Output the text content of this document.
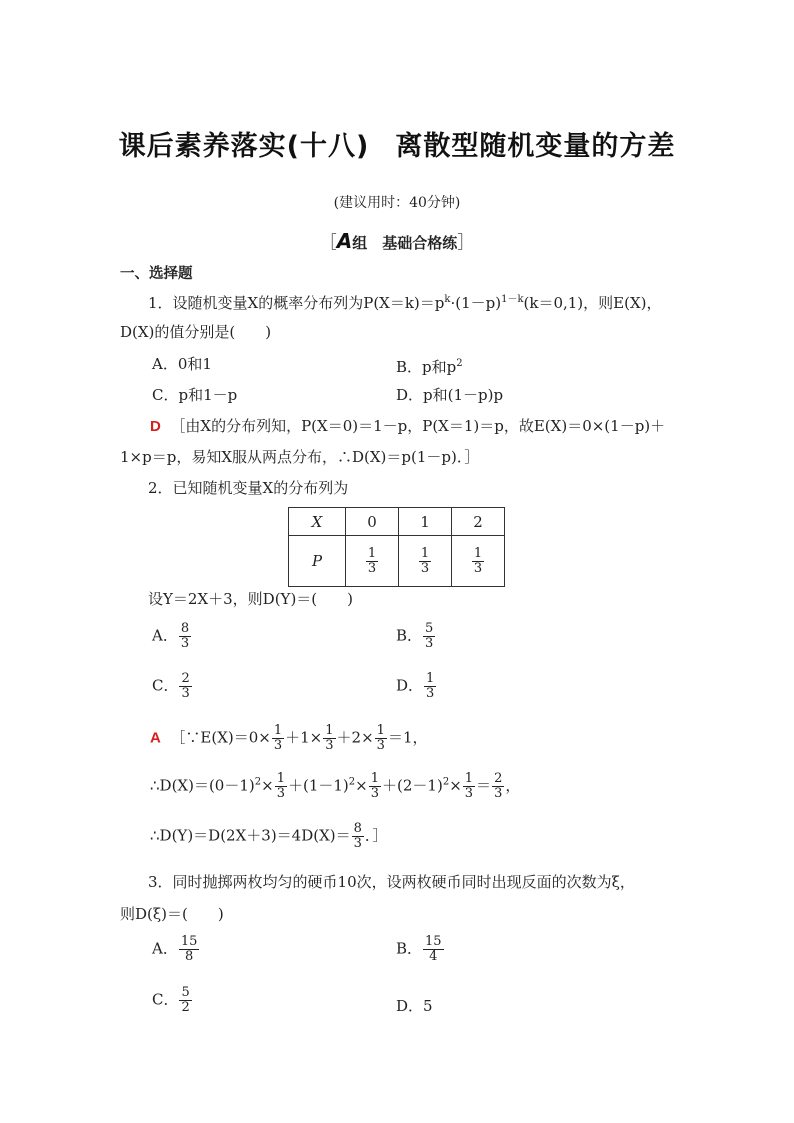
课后素养落实(十八) 离散型随机变量的方差
(建议用时：40分钟)
［A组　基础合格练］
一、选择题
1．设随机变量X的概率分布列为$P(X=k)=p^k\cdot(1-p)^{1-k}(k=0,1)$，则E(X)，
D(X)的值分别是(　　)
A．0和1	B．p和$p^2$
C．p和1－p	D．p和(1－p)p
D ［由X的分布列知，P(X＝0)＝1－p，P(X＝1)＝p，故E(X)＝0×(1－p)＋
1×p＝p，易知X服从两点分布，∴D(X)＝p(1－p)．］
2．已知随机变量X的分布列为
X	0	1	2
P	$\frac{1}{3}$	$\frac{1}{3}$	$\frac{1}{3}$
设Y＝2X＋3，则D(Y)＝(　　)
A． $\frac{8}{3}$	B． $\frac{5}{3}$
C． $\frac{2}{3}$	D． $\frac{1}{3}$
A ［∵E(X)＝0× $\frac{1}{3} +1\times \frac{1}{3} +2\times \frac{1}{3} =1$，
$\therefore D(X)=(0-1)^2\times \frac{1}{3} +(1-1)^2\times \frac{1}{3} +(2-1)^2\times \frac{1}{3} = \frac{2}{3}$ ，
∴D(Y)＝D(2X＋3)＝4D(X)＝ $\frac{8}{3}$ ．］
3．同时抛掷两枚均匀的硬币10次，设两枚硬币同时出现反面的次数为ξ，
则D(ξ)＝(　　)
A． $\frac{15}{8}$	B． $\frac{15}{4}$
C． $\frac{5}{2}$	D．5
